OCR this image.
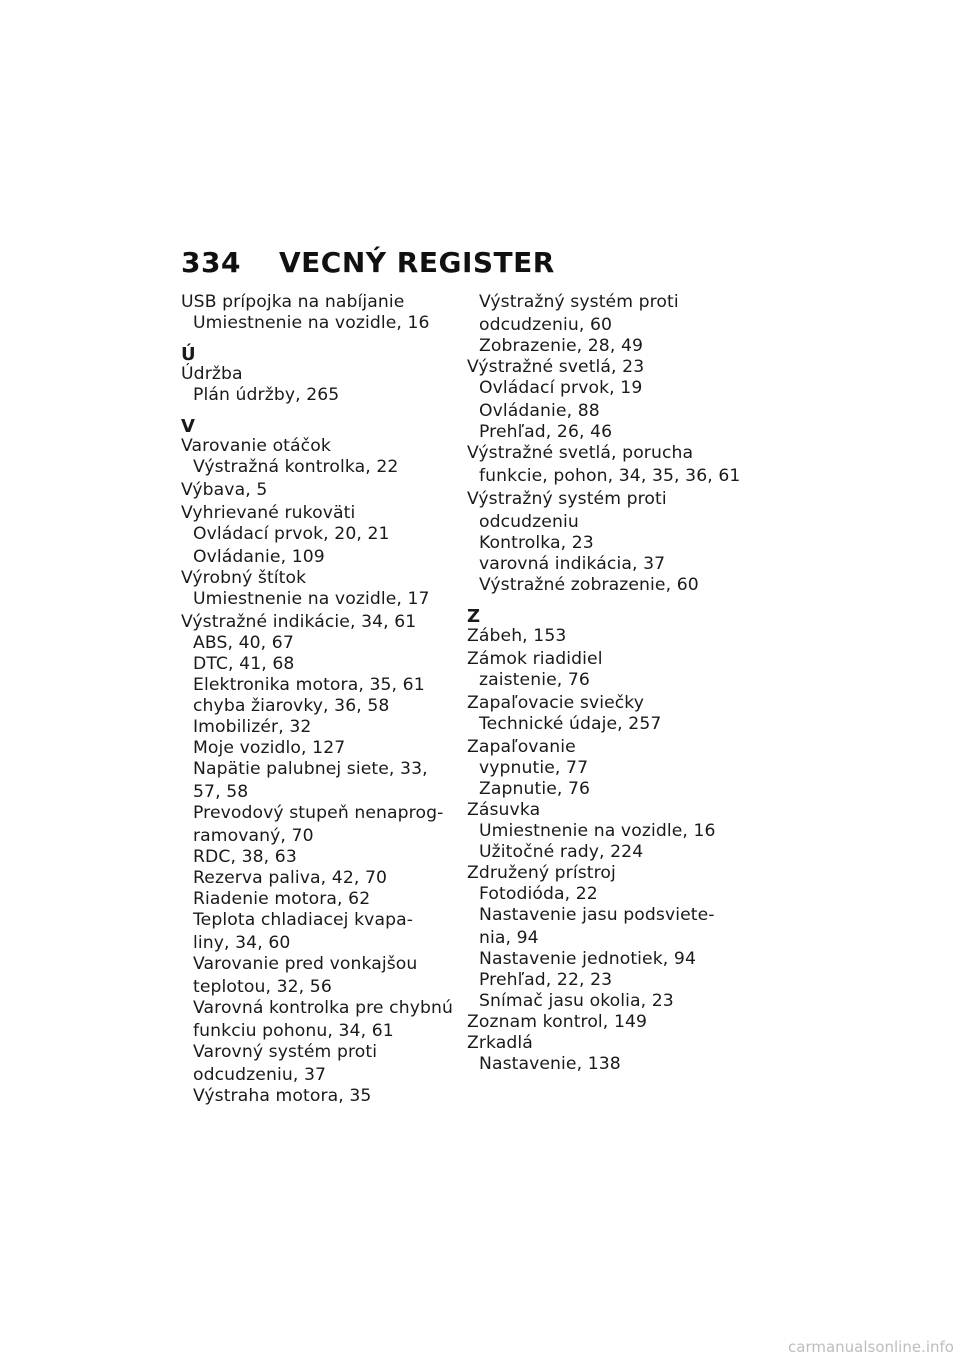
334 VECNÝ REGISTER
USB prípojka na nabíjanie
Umiestnenie na vozidle, 16
Ú
Údržba
Plán údržby, 265
V
Varovanie otáčok
Výstražná kontrolka, 22
Výbava, 5
Vyhrievané rukoväti
Ovládací prvok, 20, 21
Ovládanie, 109
Výrobný štítok
Umiestnenie na vozidle, 17
Výstražné indikácie, 34, 61
ABS, 40, 67
DTC, 41, 68
Elektronika motora, 35, 61
chyba žiarovky, 36, 58
Imobilizér, 32
Moje vozidlo, 127
Napätie palubnej siete, 33,
57, 58
Prevodový stupeň nenaprog-
ramovaný, 70
RDC, 38, 63
Rezerva paliva, 42, 70
Riadenie motora, 62
Teplota chladiacej kvapa-
liny, 34, 60
Varovanie pred vonkajšou
teplotou, 32, 56
Varovná kontrolka pre chybnú
funkciu pohonu, 34, 61
Varovný systém proti
odcudzeniu, 37
Výstraha motora, 35
Výstražný systém proti
odcudzeniu, 60
Zobrazenie, 28, 49
Výstražné svetlá, 23
Ovládací prvok, 19
Ovládanie, 88
Prehľad, 26, 46
Výstražné svetlá, porucha
funkcie, pohon, 34, 35, 36, 61
Výstražný systém proti
odcudzeniu
Kontrolka, 23
varovná indikácia, 37
Výstražné zobrazenie, 60
Z
Zábeh, 153
Zámok riadidiel
zaistenie, 76
Zapaľovacie sviečky
Technické údaje, 257
Zapaľovanie
vypnutie, 77
Zapnutie, 76
Zásuvka
Umiestnenie na vozidle, 16
Užitočné rady, 224
Združený prístroj
Fotodióda, 22
Nastavenie jasu podsviete-
nia, 94
Nastavenie jednotiek, 94
Prehľad, 22, 23
Snímač jasu okolia, 23
Zoznam kontrol, 149
Zrkadlá
Nastavenie, 138
carmanualsonline.info
